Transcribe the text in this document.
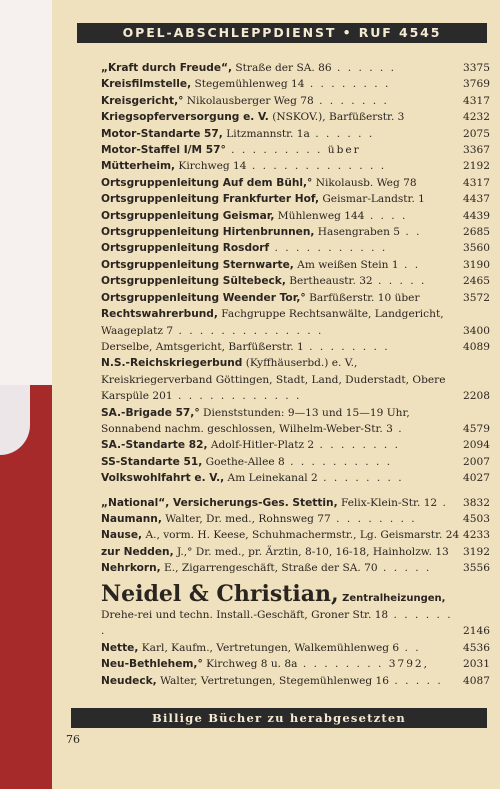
OPEL-ABSCHLEPPDIENST • RUF 4545
„Kraft durch Freude“, Straße der SA. 86 . . . . . .	3375
Kreisfilmstelle, Stegemühlenweg 14 . . . . . . . .	3769
Kreisgericht,° Nikolausberger Weg 78 . . . . . . .	4317
Kriegsopferversorgung e. V. (NSKOV.), Barfüßerstr. 3	4232
Motor-Standarte 57, Litzmannstr. 1a . . . . . .	2075
Motor-Staffel I/M 57° . . . . . . . . . über	3367
Mütterheim, Kirchweg 14 . . . . . . . . . . . . .	2192
Ortsgruppenleitung Auf dem Bühl,° Nikolausb. Weg 78	4317
Ortsgruppenleitung Frankfurter Hof, Geismar-Landstr. 1	4437
Ortsgruppenleitung Geismar, Mühlenweg 144 . . . .	4439
Ortsgruppenleitung Hirtenbrunnen, Hasengraben 5 . .	2685
Ortsgruppenleitung Rosdorf . . . . . . . . . . .	3560
Ortsgruppenleitung Sternwarte, Am weißen Stein 1 . .	3190
Ortsgruppenleitung Sültebeck, Bertheaustr. 32 . . . . .	2465
Ortsgruppenleitung Weender Tor,° Barfüßerstr. 10 über	3572
Rechtswahrerbund, Fachgruppe Rechtsanwälte, Landgericht, Waageplatz 7 . . . . . . . . . . . . . .	3400
Derselbe, Amtsgericht, Barfüßerstr. 1 . . . . . . . .	4089
N.S.-Reichskriegerbund (Kyffhäuserbd.) e. V., Kreiskriegerverband Göttingen, Stadt, Land, Duderstadt, Obere Karspüle 201 . . . . . . . . . . . .	2208
SA.-Brigade 57,° Dienststunden: 9—13 und 15—19 Uhr, Sonnabend nachm. geschlossen, Wilhelm-Weber-Str. 3 .	4579
SA.-Standarte 82, Adolf-Hitler-Platz 2 . . . . . . . .	2094
SS-Standarte 51, Goethe-Allee 8 . . . . . . . . . .	2007
Volkswohlfahrt e. V., Am Leinekanal 2 . . . . . . . .	4027
„National“, Versicherungs-Ges. Stettin, Felix-Klein-Str. 12 . 3832
Naumann, Walter, Dr. med., Rohnsweg 77 . . . . . . . .	4503
Nause, A., vorm. H. Keese, Schuhmachermstr., Lg. Geismarstr. 24 4233
zur Nedden, J.,° Dr. med., pr. Ärztin, 8-10, 16-18, Hainholzw. 13 3192
Nehrkorn, E., Zigarrengeschäft, Straße der SA. 70 . . . . .	3556
Neidel & Christian, Zentralheizungen, Drehe-rei und techn. Install.-Geschäft, Groner Str. 18 . . . . . . .	2146
Nette, Karl, Kaufm., Vertretungen, Walkemühlenweg 6 . .	4536
Neu-Bethlehem,° Kirchweg 8 u. 8a . . . . . . . . 3792,	2031
Neudeck, Walter, Vertretungen, Stegemühlenweg 16 . . . . . 4087
Billige Bücher zu herabgesetzten
76
